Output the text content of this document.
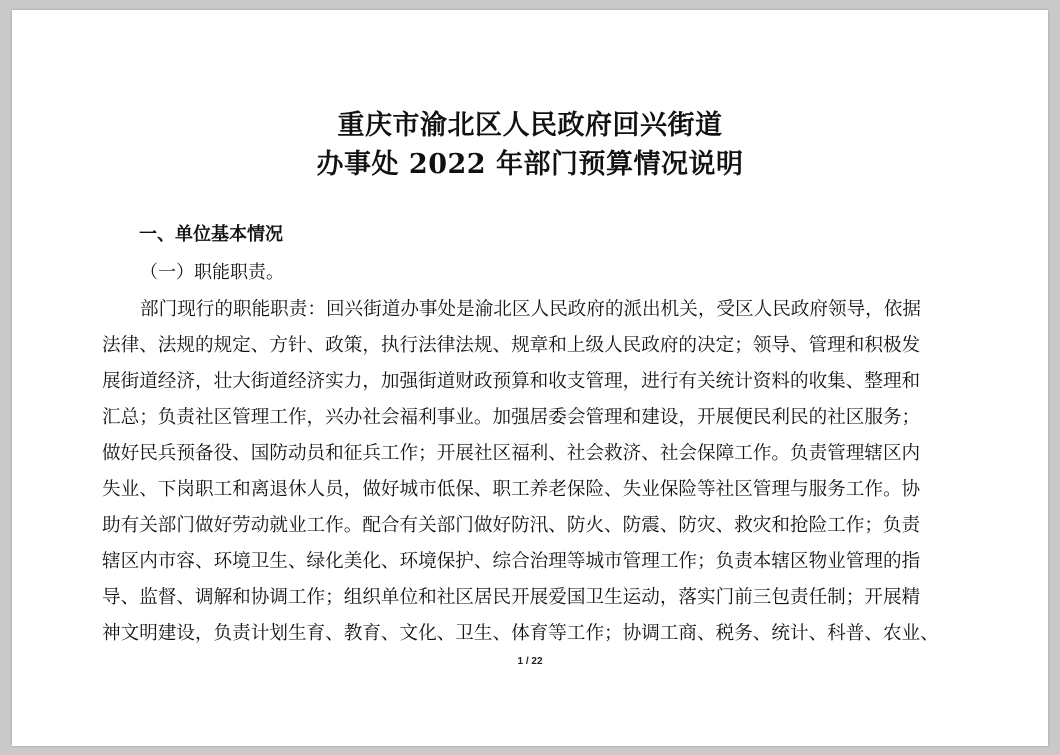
重庆市渝北区人民政府回兴街道
办事处 2022 年部门预算情况说明
一、单位基本情况
（一）职能职责。
部门现行的职能职责：回兴街道办事处是渝北区人民政府的派出机关，受区人民政府领导，依据
法律、法规的规定、方针、政策，执行法律法规、规章和上级人民政府的决定；领导、管理和积极发
展街道经济，壮大街道经济实力，加强街道财政预算和收支管理，进行有关统计资料的收集、整理和
汇总；负责社区管理工作，兴办社会福利事业。加强居委会管理和建设，开展便民利民的社区服务；
做好民兵预备役、国防动员和征兵工作；开展社区福利、社会救济、社会保障工作。负责管理辖区内
失业、下岗职工和离退休人员，做好城市低保、职工养老保险、失业保险等社区管理与服务工作。协
助有关部门做好劳动就业工作。配合有关部门做好防汛、防火、防震、防灾、救灾和抢险工作；负责
辖区内市容、环境卫生、绿化美化、环境保护、综合治理等城市管理工作；负责本辖区物业管理的指
导、监督、调解和协调工作；组织单位和社区居民开展爱国卫生运动，落实门前三包责任制；开展精
神文明建设，负责计划生育、教育、文化、卫生、体育等工作；协调工商、税务、统计、科普、农业、
1 / 22
